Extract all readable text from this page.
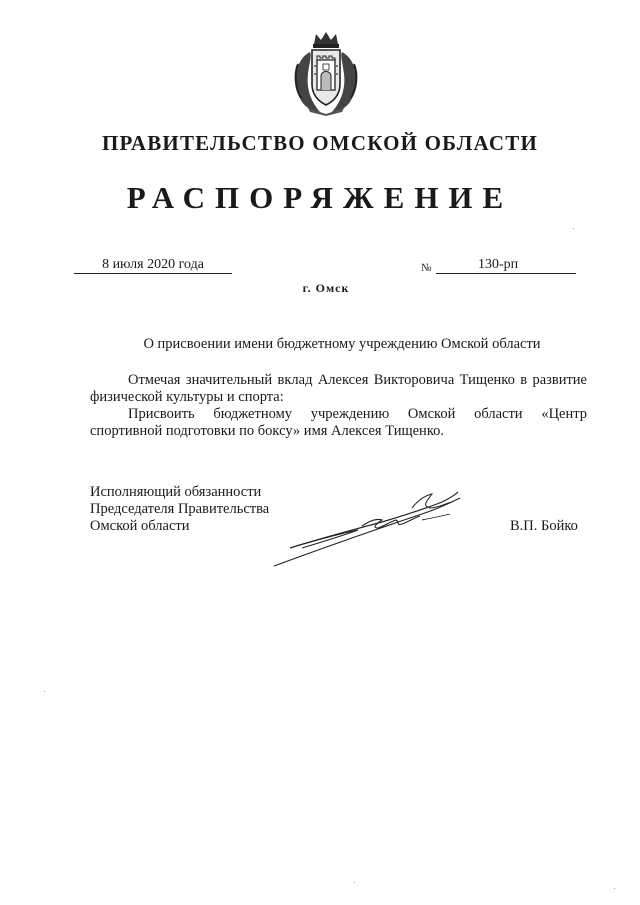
ПРАВИТЕЛЬСТВО ОМСКОЙ ОБЛАСТИ
РАСПОРЯЖЕНИЕ
8 июля 2020 года	№	130-рп
г. Омск
О присвоении имени бюджетному учреждению Омской области

Отмечая значительный вклад Алексея Викторовича Тищенко в развитие физической культуры и спорта:

Присвоить бюджетному учреждению Омской области «Центр спортивной подготовки по боксу» имя Алексея Тищенко.

Исполняющий обязанности
Председателя Правительства
Омской области	В.П. Бойко
